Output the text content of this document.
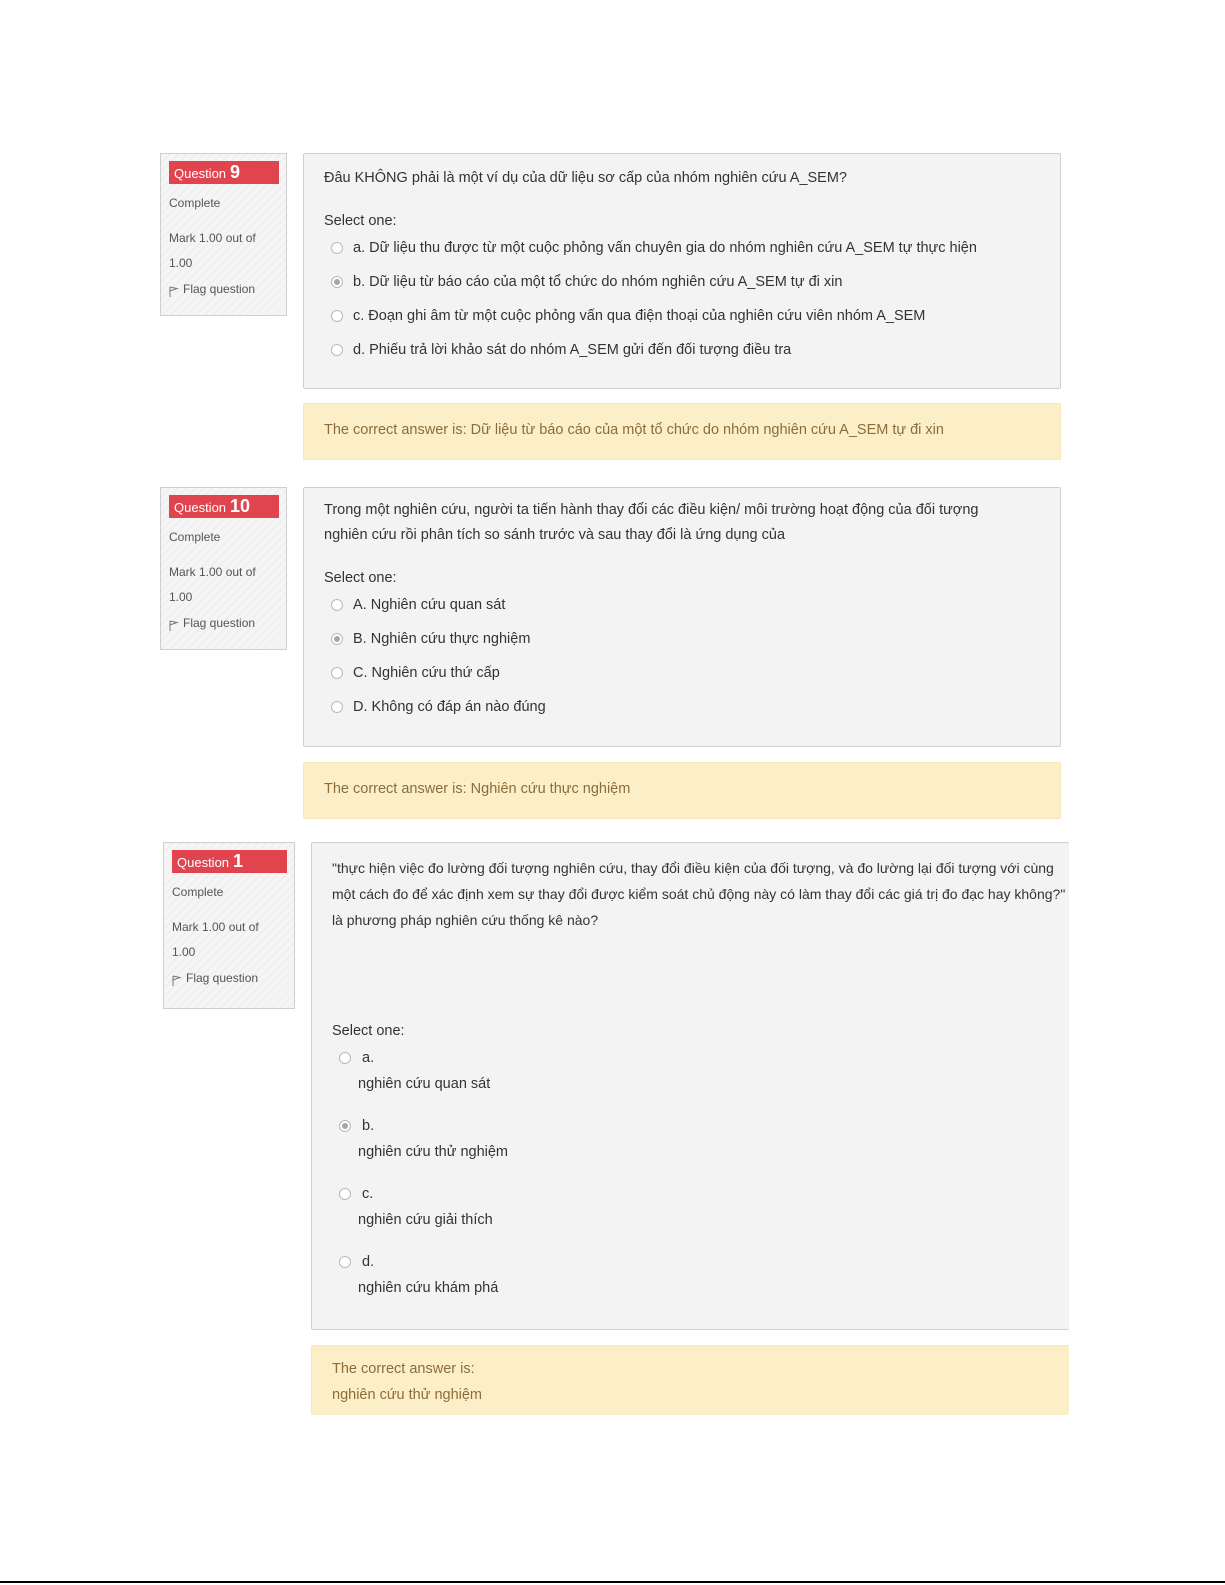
Question 9
Complete
Mark 1.00 out of 1.00
Flag question
Đâu KHÔNG phải là một ví dụ của dữ liệu sơ cấp của nhóm nghiên cứu A_SEM?
Select one:
a. Dữ liệu thu được từ một cuộc phỏng vấn chuyên gia do nhóm nghiên cứu A_SEM tự thực hiện
b. Dữ liệu từ báo cáo của một tổ chức do nhóm nghiên cứu A_SEM tự đi xin
c. Đoạn ghi âm từ một cuộc phỏng vấn qua điện thoại của nghiên cứu viên nhóm A_SEM
d. Phiếu trả lời khảo sát do nhóm A_SEM gửi đến đối tượng điều tra
The correct answer is: Dữ liệu từ báo cáo của một tổ chức do nhóm nghiên cứu A_SEM tự đi xin
Question 10
Complete
Mark 1.00 out of 1.00
Flag question
Trong một nghiên cứu, người ta tiến hành thay đổi các điều kiện/ môi trường hoạt động của đối tượng nghiên cứu rồi phân tích so sánh trước và sau thay đổi là ứng dụng của
Select one:
A. Nghiên cứu quan sát
B. Nghiên cứu thực nghiệm
C. Nghiên cứu thứ cấp
D. Không có đáp án nào đúng
The correct answer is: Nghiên cứu thực nghiệm
Question 1
Complete
Mark 1.00 out of 1.00
Flag question
"thực hiện việc đo lường đối tượng nghiên cứu, thay đổi điều kiện của đối tượng, và đo lường lại đối tượng với cùng một cách đo để xác định xem sự thay đổi được kiểm soát chủ động này có làm thay đổi các giá trị đo đạc hay không?" là phương pháp nghiên cứu thống kê nào?
Select one:
a.
nghiên cứu quan sát
b.
nghiên cứu thử nghiệm
c.
nghiên cứu giải thích
d.
nghiên cứu khám phá
The correct answer is:
nghiên cứu thử nghiệm
